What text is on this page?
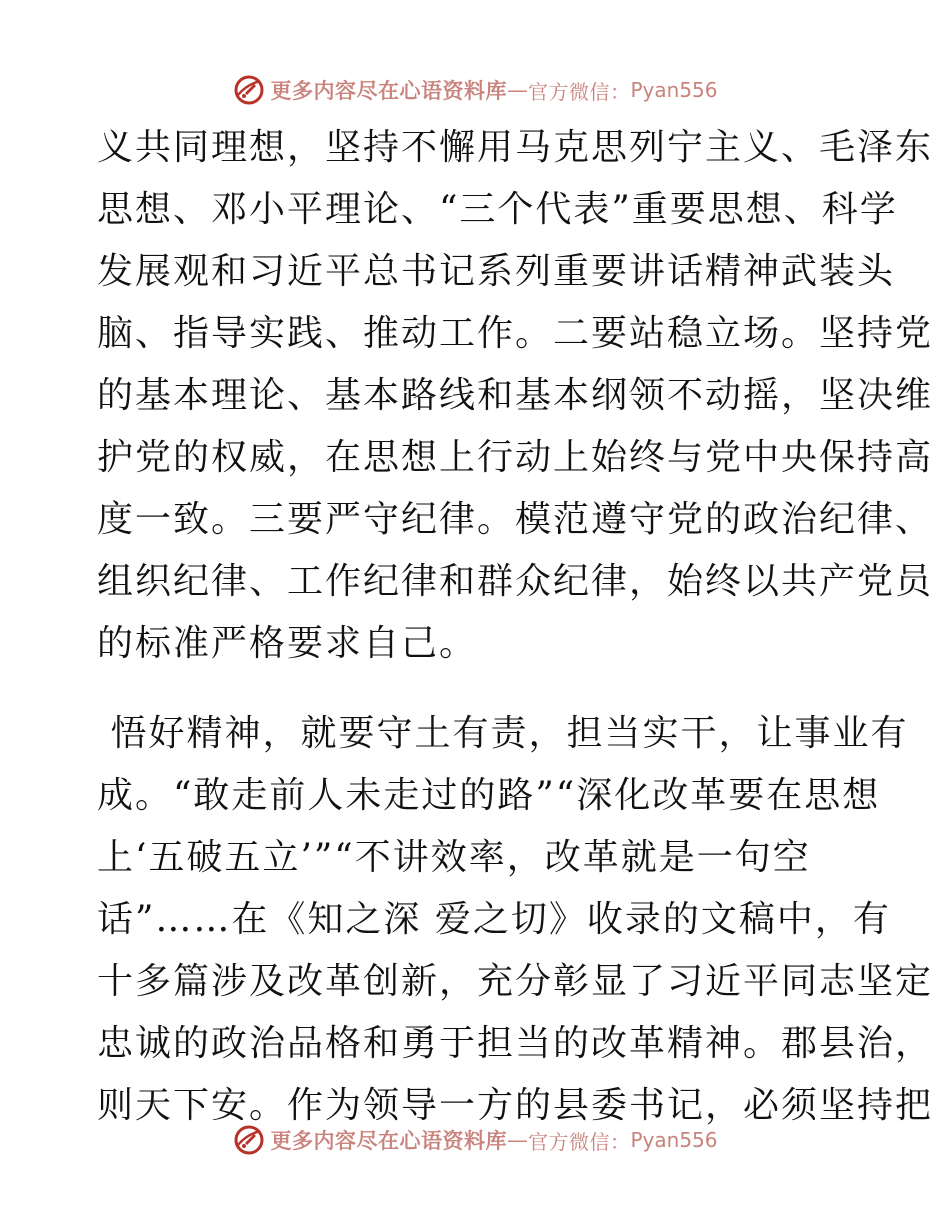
更多内容尽在心语资料库 — 官方微信： Pyan556
义共同理想，坚持不懈用马克思列宁主义、毛泽东
思想、邓小平理论、“三个代表”重要思想、科学
发展观和习近平总书记系列重要讲话精神武装头
脑、指导实践、推动工作。二要站稳立场。坚持党
的基本理论、基本路线和基本纲领不动摇，坚决维
护党的权威，在思想上行动上始终与党中央保持高
度一致。三要严守纪律。模范遵守党的政治纪律、
组织纪律、工作纪律和群众纪律，始终以共产党员
的标准严格要求自己。
悟好精神，就要守土有责，担当实干，让事业有
成。“敢走前人未走过的路”“深化改革要在思想
上‘五破五立’”“不讲效率，改革就是一句空
话”……在《知之深 爱之切》收录的文稿中，有
十多篇涉及改革创新，充分彰显了习近平同志坚定
忠诚的政治品格和勇于担当的改革精神。郡县治，
则天下安。作为领导一方的县委书记，必须坚持把
更多内容尽在心语资料库 — 官方微信： Pyan556
